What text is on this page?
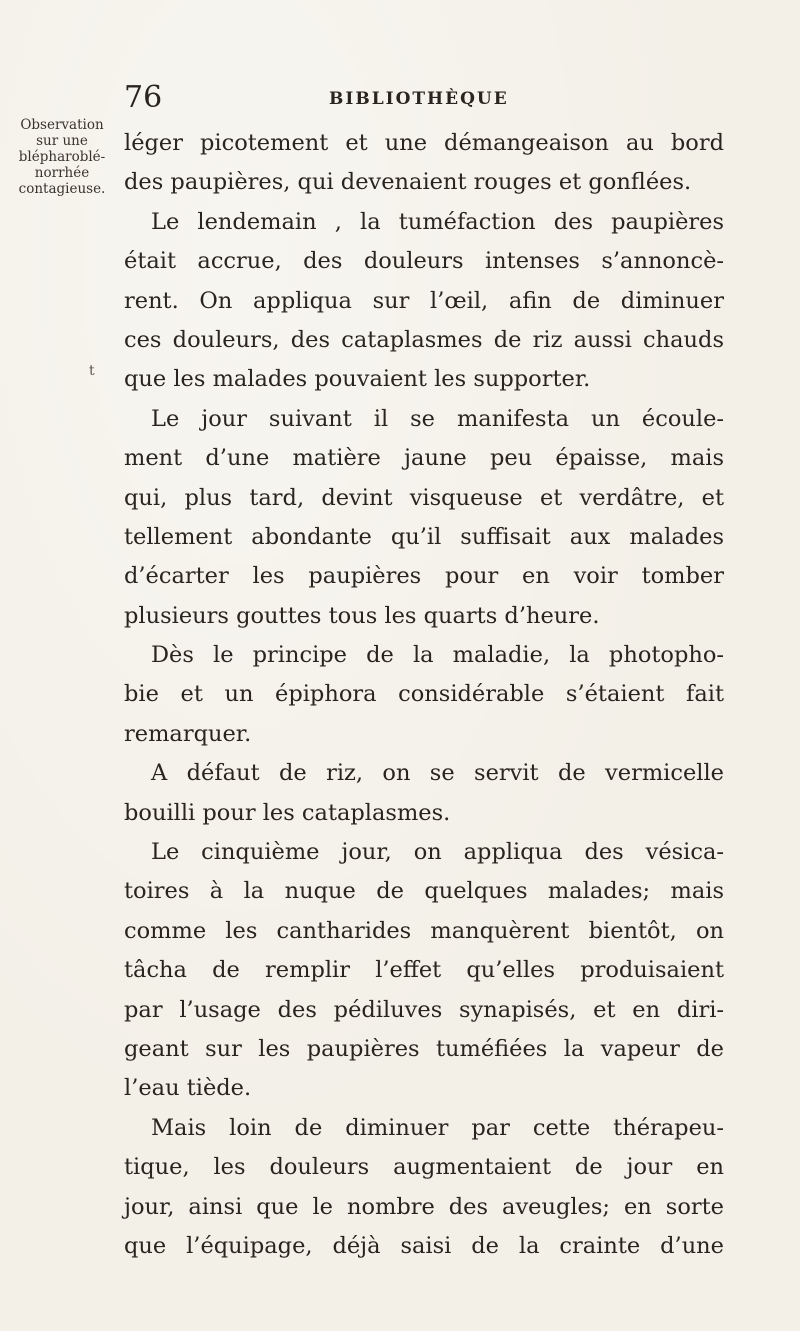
76	BIBLIOTHÈQUE
Observation
sur une
blépharoblé-
norrhée
contagieuse.
t
léger picotement et une démangeaison au bord
des paupières, qui devenaient rouges et gonflées.
Le lendemain , la tuméfaction des paupières
était accrue, des douleurs intenses s’annoncè-
rent. On appliqua sur l’œil, afin de diminuer
ces douleurs, des cataplasmes de riz aussi chauds
que les malades pouvaient les supporter.
Le jour suivant il se manifesta un écoule-
ment d’une matière jaune peu épaisse, mais
qui, plus tard, devint visqueuse et verdâtre, et
tellement abondante qu’il suffisait aux malades
d’écarter les paupières pour en voir tomber
plusieurs gouttes tous les quarts d’heure.
Dès le principe de la maladie, la photopho-
bie et un épiphora considérable s’étaient fait
remarquer.
A défaut de riz, on se servit de vermicelle
bouilli pour les cataplasmes.
Le cinquième jour, on appliqua des vésica-
toires à la nuque de quelques malades; mais
comme les cantharides manquèrent bientôt, on
tâcha de remplir l’effet qu’elles produisaient
par l’usage des pédiluves synapisés, et en diri-
geant sur les paupières tuméfiées la vapeur de
l’eau tiède.
Mais loin de diminuer par cette thérapeu-
tique, les douleurs augmentaient de jour en
jour, ainsi que le nombre des aveugles; en sorte
que l’équipage, déjà saisi de la crainte d’une
